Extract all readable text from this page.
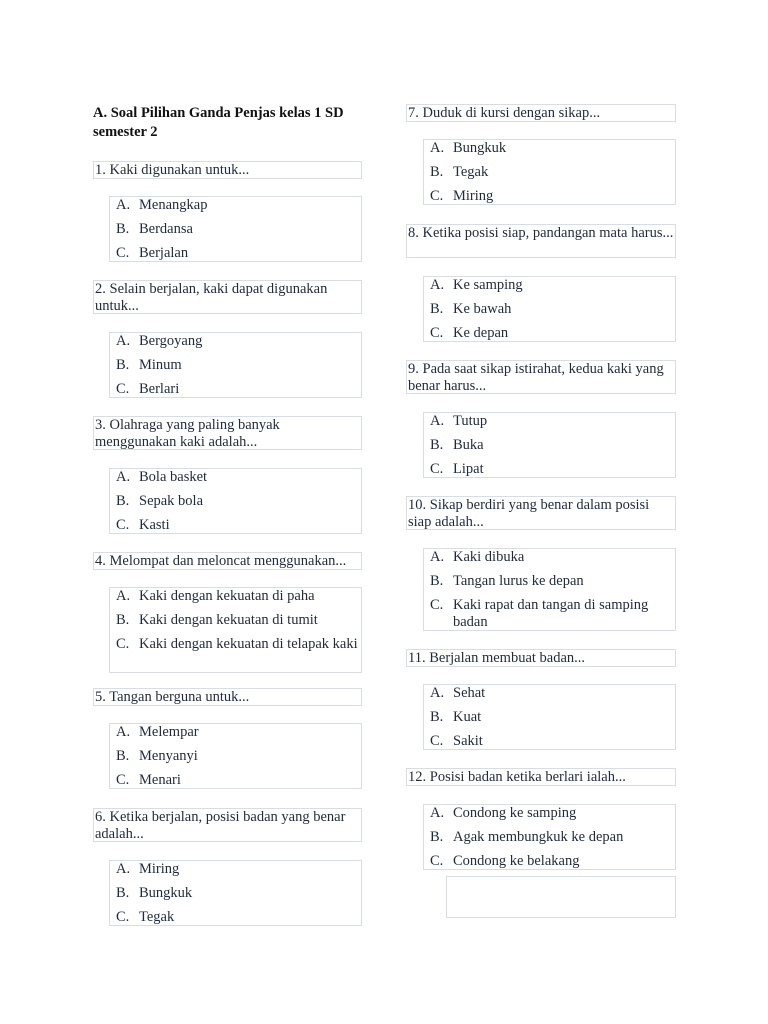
A. Soal Pilihan Ganda Penjas kelas 1 SD semester 2
1. Kaki digunakan untuk...
A. Menangkap
B. Berdansa
C. Berjalan
2. Selain berjalan, kaki dapat digunakan untuk...
A. Bergoyang
B. Minum
C. Berlari
3. Olahraga yang paling banyak menggunakan kaki adalah...
A. Bola basket
B. Sepak bola
C. Kasti
4. Melompat dan meloncat menggunakan...
A. Kaki dengan kekuatan di paha
B. Kaki dengan kekuatan di tumit
C. Kaki dengan kekuatan di telapak kaki
5. Tangan berguna untuk...
A. Melempar
B. Menyanyi
C. Menari
6. Ketika berjalan, posisi badan yang benar adalah...
A. Miring
B. Bungkuk
C. Tegak
7. Duduk di kursi dengan sikap...
A. Bungkuk
B. Tegak
C. Miring
8. Ketika posisi siap, pandangan mata harus...
A. Ke samping
B. Ke bawah
C. Ke depan
9. Pada saat sikap istirahat, kedua kaki yang benar harus...
A. Tutup
B. Buka
C. Lipat
10. Sikap berdiri yang benar dalam posisi siap adalah...
A. Kaki dibuka
B. Tangan lurus ke depan
C. Kaki rapat dan tangan di samping badan
11. Berjalan membuat badan...
A. Sehat
B. Kuat
C. Sakit
12. Posisi badan ketika berlari ialah...
A. Condong ke samping
B. Agak membungkuk ke depan
C. Condong ke belakang
